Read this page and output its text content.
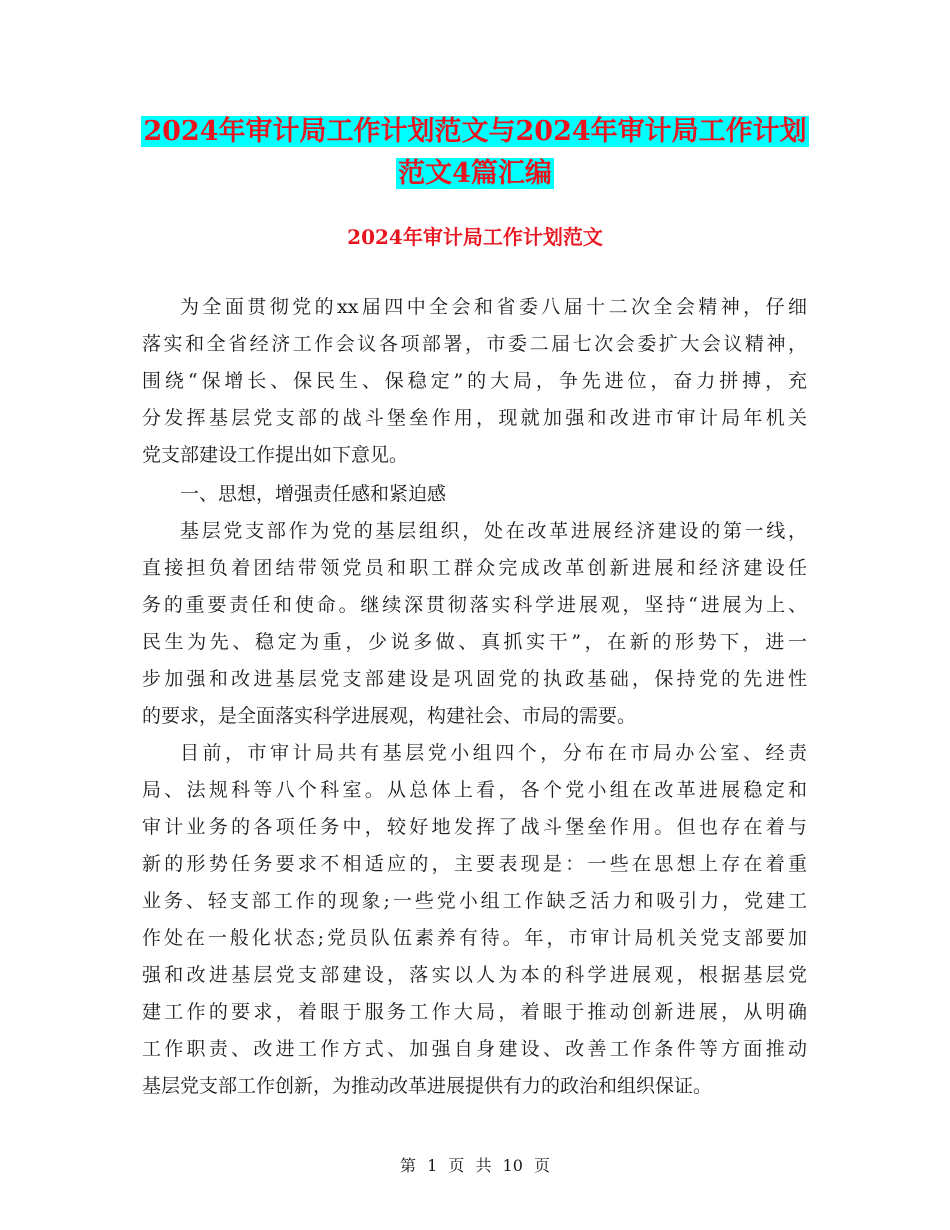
2024年审计局工作计划范文与2024年审计局工作计划
范文4篇汇编
2024年审计局工作计划范文
为全面贯彻党的xx届四中全会和省委八届十二次全会精神，仔细
落实和全省经济工作会议各项部署，市委二届七次会委扩大会议精神，
围绕“保增长、保民生、保稳定”的大局，争先进位，奋力拼搏，充
分发挥基层党支部的战斗堡垒作用，现就加强和改进市审计局年机关
党支部建设工作提出如下意见。
一、思想，增强责任感和紧迫感
基层党支部作为党的基层组织，处在改革进展经济建设的第一线，
直接担负着团结带领党员和职工群众完成改革创新进展和经济建设任
务的重要责任和使命。继续深贯彻落实科学进展观，坚持“进展为上、
民生为先、稳定为重，少说多做、真抓实干”，在新的形势下，进一
步加强和改进基层党支部建设是巩固党的执政基础，保持党的先进性
的要求，是全面落实科学进展观，构建社会、市局的需要。
目前，市审计局共有基层党小组四个，分布在市局办公室、经责
局、法规科等八个科室。从总体上看，各个党小组在改革进展稳定和
审计业务的各项任务中，较好地发挥了战斗堡垒作用。但也存在着与
新的形势任务要求不相适应的，主要表现是：一些在思想上存在着重
业务、轻支部工作的现象;一些党小组工作缺乏活力和吸引力，党建工
作处在一般化状态;党员队伍素养有待。年，市审计局机关党支部要加
强和改进基层党支部建设，落实以人为本的科学进展观，根据基层党
建工作的要求，着眼于服务工作大局，着眼于推动创新进展，从明确
工作职责、改进工作方式、加强自身建设、改善工作条件等方面推动
基层党支部工作创新，为推动改革进展提供有力的政治和组织保证。
第 1 页 共 10 页
